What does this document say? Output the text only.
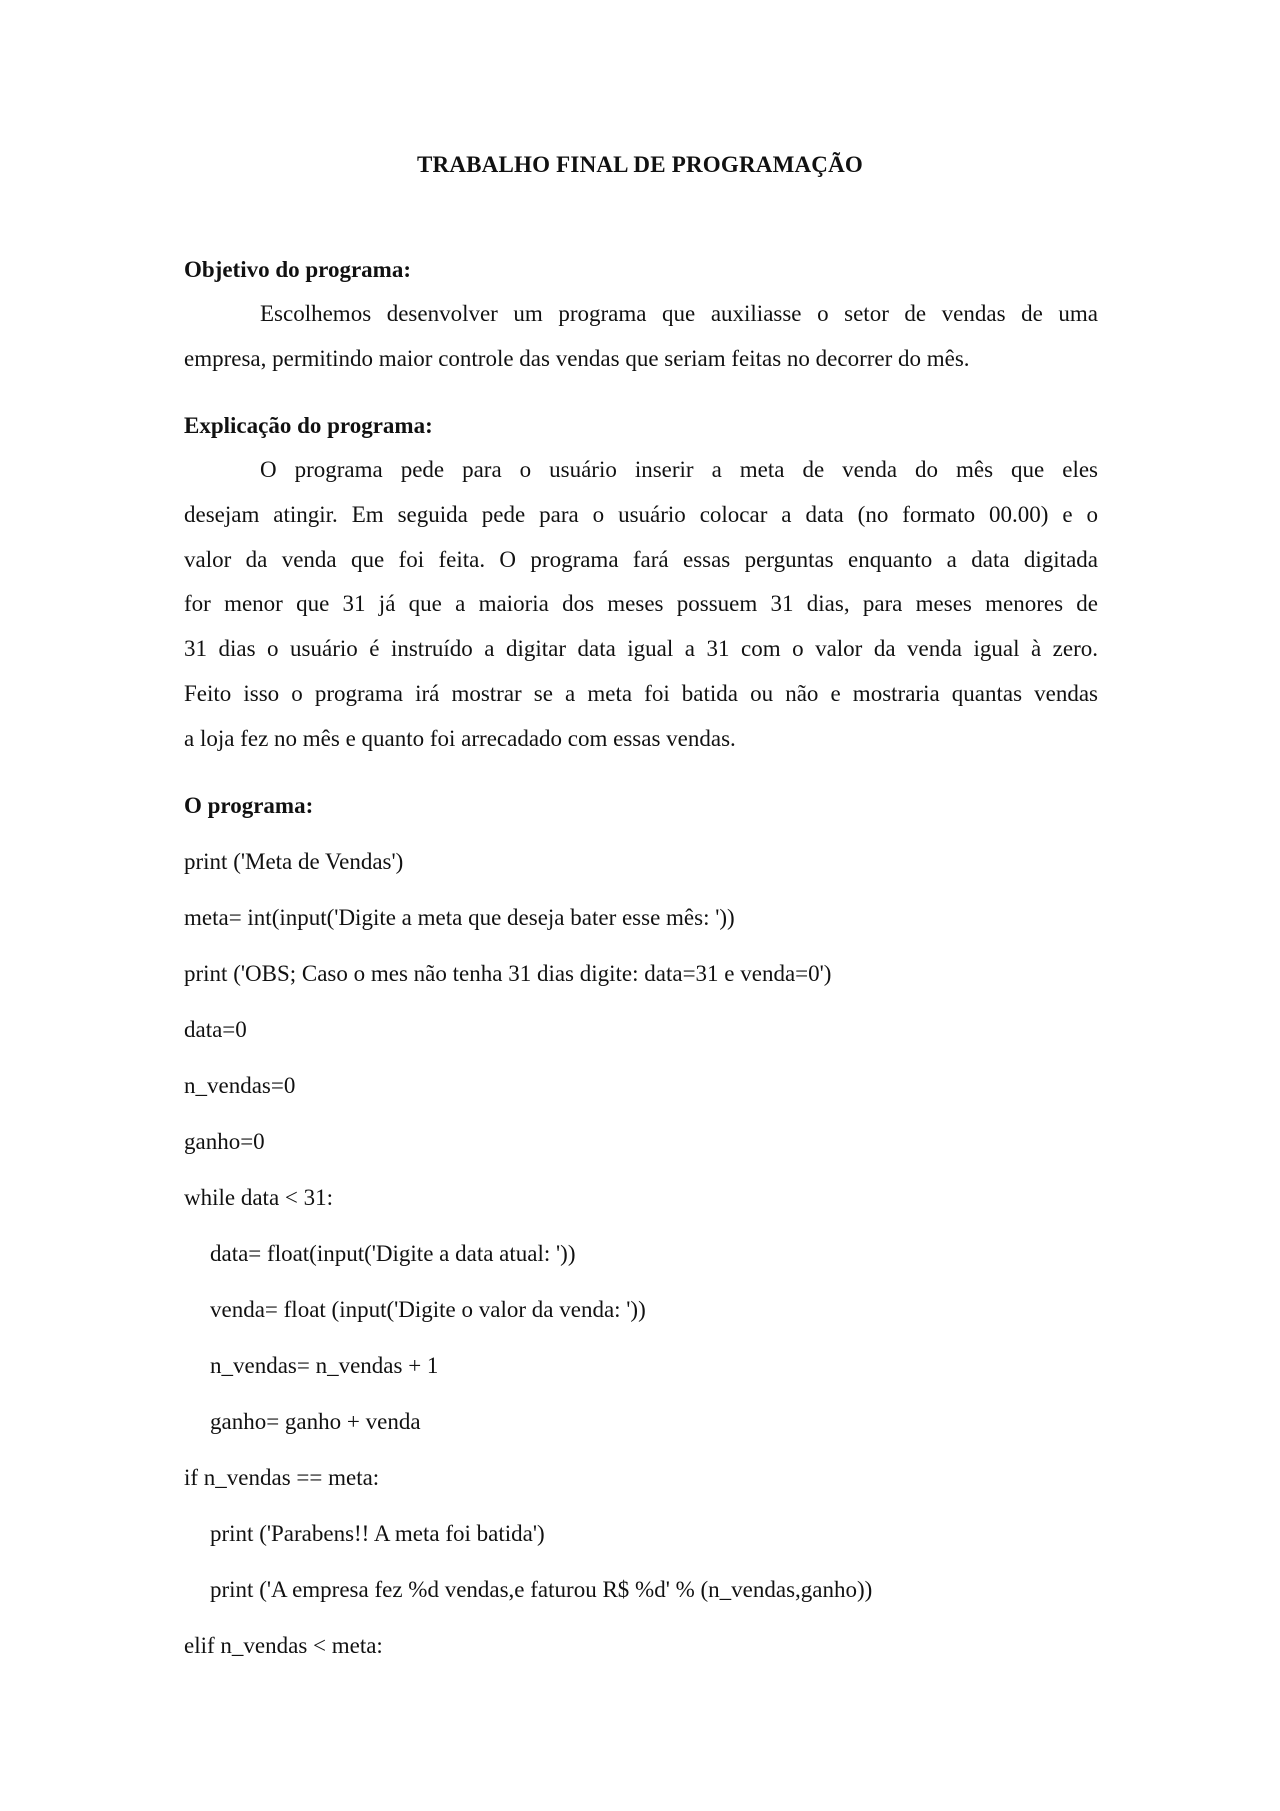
TRABALHO FINAL DE PROGRAMAÇÃO
Objetivo do programa:
Escolhemos desenvolver um programa que auxiliasse o setor de vendas de uma
empresa, permitindo maior controle das vendas que seriam feitas no decorrer do mês.
Explicação do programa:
O programa pede para o usuário inserir a meta de venda do mês que eles
desejam atingir. Em seguida pede para o usuário colocar a data (no formato 00.00) e o
valor da venda que foi feita. O programa fará essas perguntas enquanto a data digitada
for menor que 31 já que a maioria dos meses possuem 31 dias, para meses menores de
31 dias o usuário é instruído a digitar data igual a 31 com o valor da venda igual à zero.
Feito isso o programa irá mostrar se a meta foi batida ou não e mostraria quantas vendas
a loja fez no mês e quanto foi arrecadado com essas vendas.
O programa:
print ('Meta de Vendas')
meta= int(input('Digite a meta que deseja bater esse mês: '))
print ('OBS; Caso o mes não tenha 31 dias digite: data=31 e venda=0')
data=0
n_vendas=0
ganho=0
while data < 31:
data= float(input('Digite a data atual: '))
venda= float (input('Digite o valor da venda: '))
n_vendas= n_vendas + 1
ganho= ganho + venda
if n_vendas == meta:
print ('Parabens!! A meta foi batida')
print ('A empresa fez %d vendas,e faturou R$ %d' % (n_vendas,ganho))
elif n_vendas < meta:
